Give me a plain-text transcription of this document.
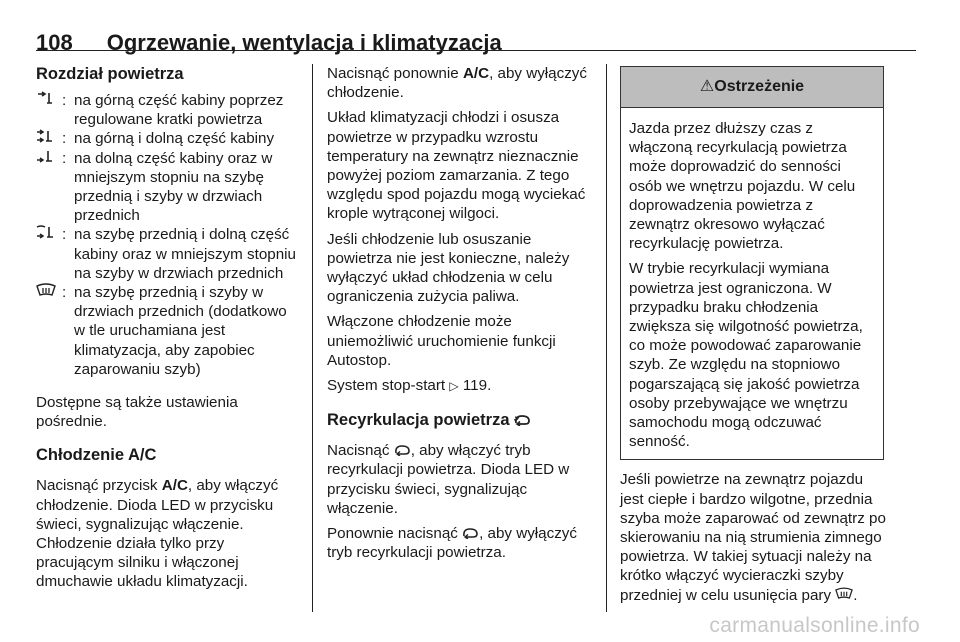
108 Ogrzewanie, wentylacja i klimatyzacja
Rozdział powietrza
: na górną część kabiny poprzez regulowane kratki powietrza
: na górną i dolną część kabiny
: na dolną część kabiny oraz w mniejszym stopniu na szybę przednią i szyby w drzwiach przednich
: na szybę przednią i dolną część kabiny oraz w mniejszym stopniu na szyby w drzwiach przednich
: na szybę przednią i szyby w drzwiach przednich (dodatkowo w tle uruchamiana jest klimatyzacja, aby zapobiec zaparowaniu szyb)

Dostępne są także ustawienia pośrednie.

Chłodzenie A/C

Nacisnąć przycisk A/C, aby włączyć chłodzenie. Dioda LED w przycisku świeci, sygnalizując włączenie. Chłodzenie działa tylko przy pracującym silniku i włączonej dmuchawie układu klimatyzacji.

Nacisnąć ponownie A/C, aby wyłączyć chłodzenie.

Układ klimatyzacji chłodzi i osusza powietrze w przypadku wzrostu temperatury na zewnątrz nieznacznie powyżej poziom zamarzania. Z tego względu spod pojazdu mogą wyciekać krople wytrąconej wilgoci.

Jeśli chłodzenie lub osuszanie powietrza nie jest konieczne, należy wyłączyć układ chłodzenia w celu ograniczenia zużycia paliwa.

Włączone chłodzenie może uniemożliwić uruchomienie funkcji Autostop.

System stop-start ▷ 119.

Recyrkulacja powietrza

Nacisnąć , aby włączyć tryb recyrkulacji powietrza. Dioda LED w przycisku świeci, sygnalizując włączenie.

Ponownie nacisnąć , aby wyłączyć tryb recyrkulacji powietrza.

⚠Ostrzeżenie

Jazda przez dłuższy czas z włączoną recyrkulacją powietrza może doprowadzić do senności osób we wnętrzu pojazdu. W celu doprowadzenia powietrza z zewnątrz okresowo wyłączać recyrkulację powietrza.

W trybie recyrkulacji wymiana powietrza jest ograniczona. W przypadku braku chłodzenia zwiększa się wilgotność powietrza, co może powodować zaparowanie szyb. Ze względu na stopniowo pogarszającą się jakość powietrza osoby przebywające we wnętrzu samochodu mogą odczuwać senność.

Jeśli powietrze na zewnątrz pojazdu jest ciepłe i bardzo wilgotne, przednia szyba może zaparować od zewnątrz po skierowaniu na nią strumienia zimnego powietrza. W takiej sytuacji należy na krótko włączyć wycieraczki szyby przedniej w celu usunięcia pary .

carmanualsonline.info
